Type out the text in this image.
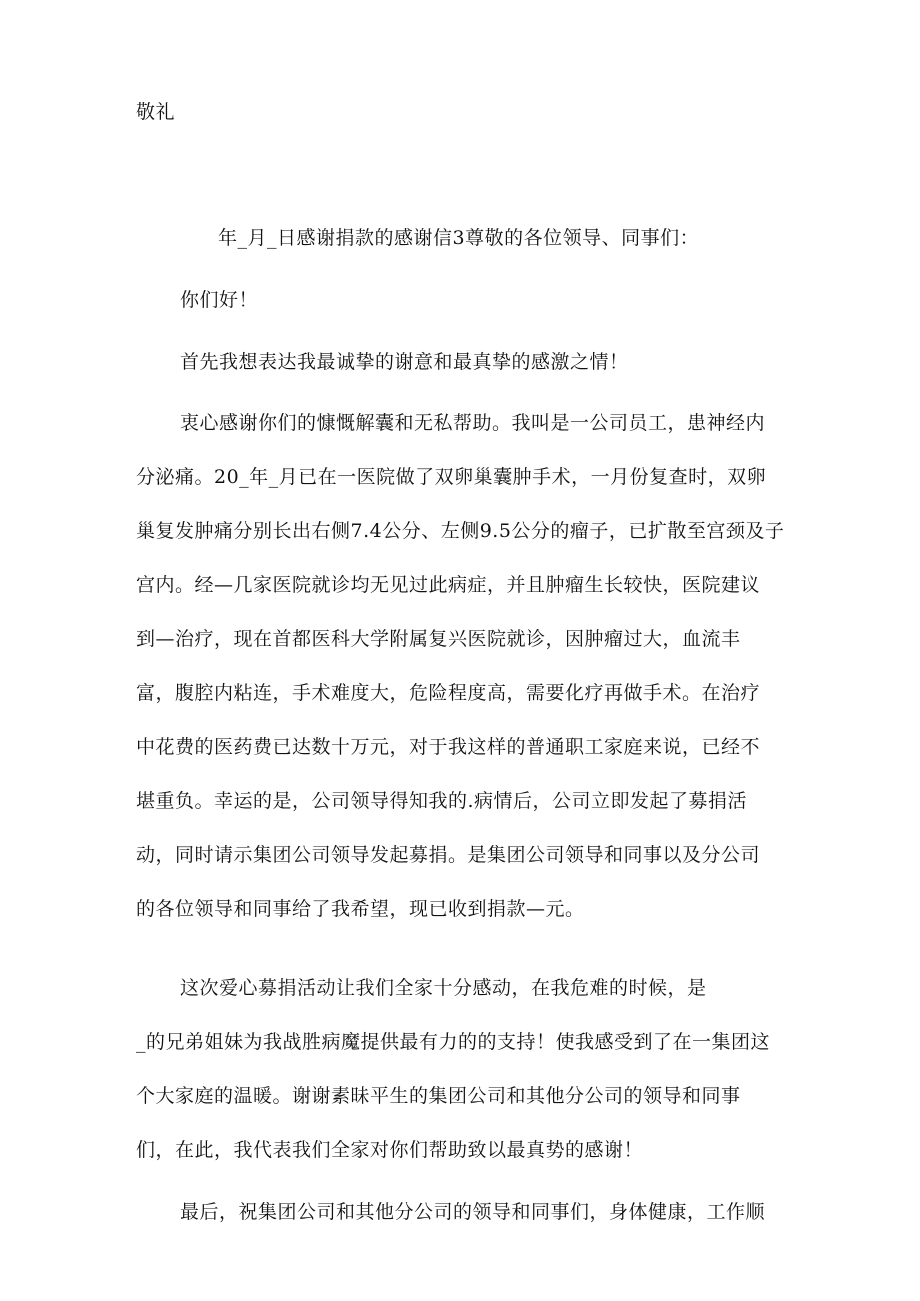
敬礼
年_月_日感谢捐款的感谢信3尊敬的各位领导、同事们：
你们好！
首先我想表达我最诚挚的谢意和最真挚的感激之情！
衷心感谢你们的慷慨解囊和无私帮助。我叫是一公司员工，患神经内
分泌痛。20_年_月已在一医院做了双卵巢囊肿手术，一月份复查时，双卵
巢复发肿痛分别长出右侧7.4公分、左侧9.5公分的瘤子，已扩散至宫颈及子
宫内。经—几家医院就诊均无见过此病症，并且肿瘤生长较快，医院建议
到—治疗，现在首都医科大学附属复兴医院就诊，因肿瘤过大，血流丰
富，腹腔内粘连，手术难度大，危险程度高，需要化疗再做手术。在治疗
中花费的医药费已达数十万元，对于我这样的普通职工家庭来说，已经不
堪重负。幸运的是，公司领导得知我的.病情后，公司立即发起了募捐活
动，同时请示集团公司领导发起募捐。是集团公司领导和同事以及分公司
的各位领导和同事给了我希望，现已收到捐款—元。
这次爱心募捐活动让我们全家十分感动，在我危难的时候，是
_的兄弟姐妹为我战胜病魔提供最有力的的支持！使我感受到了在一集团这
个大家庭的温暖。谢谢素昧平生的集团公司和其他分公司的领导和同事
们，在此，我代表我们全家对你们帮助致以最真势的感谢！
最后，祝集团公司和其他分公司的领导和同事们，身体健康，工作顺
